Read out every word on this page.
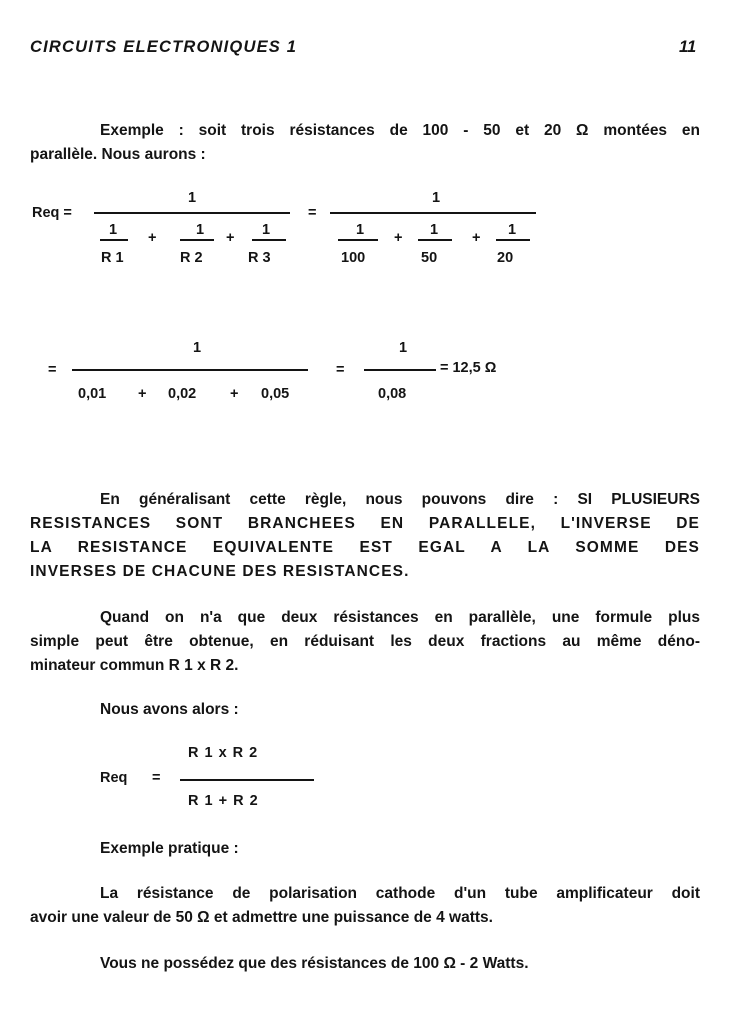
CIRCUITS ELECTRONIQUES 1	11
Exemple : soit trois résistances de 100 - 50 et 20 Ω montées en
parallèle. Nous aurons :
Req =
1
1
R 1
+	1
R 2
+ 1
R 3
=
1
1
100
+ 1
50
+ 1
20
=
1
0,01 + 0,02 + 0,05
=
1
0,08
= 12,5 Ω
En généralisant cette règle, nous pouvons dire : SI PLUSIEURS
RESISTANCES SONT BRANCHEES EN PARALLELE, L'INVERSE DE
LA RESISTANCE EQUIVALENTE EST EGAL A LA SOMME DES
INVERSES DE CHACUNE DES RESISTANCES.
Quand on n'a que deux résistances en parallèle, une formule plus
simple peut être obtenue, en réduisant les deux fractions au même déno-
minateur commun R 1 x R 2.
Nous avons alors :
Req =
R 1 x R 2
R 1 + R 2
Exemple pratique :
La résistance de polarisation cathode d'un tube amplificateur doit
avoir une valeur de 50 Ω et admettre une puissance de 4 watts.
Vous ne possédez que des résistances de 100 Ω - 2 Watts.
